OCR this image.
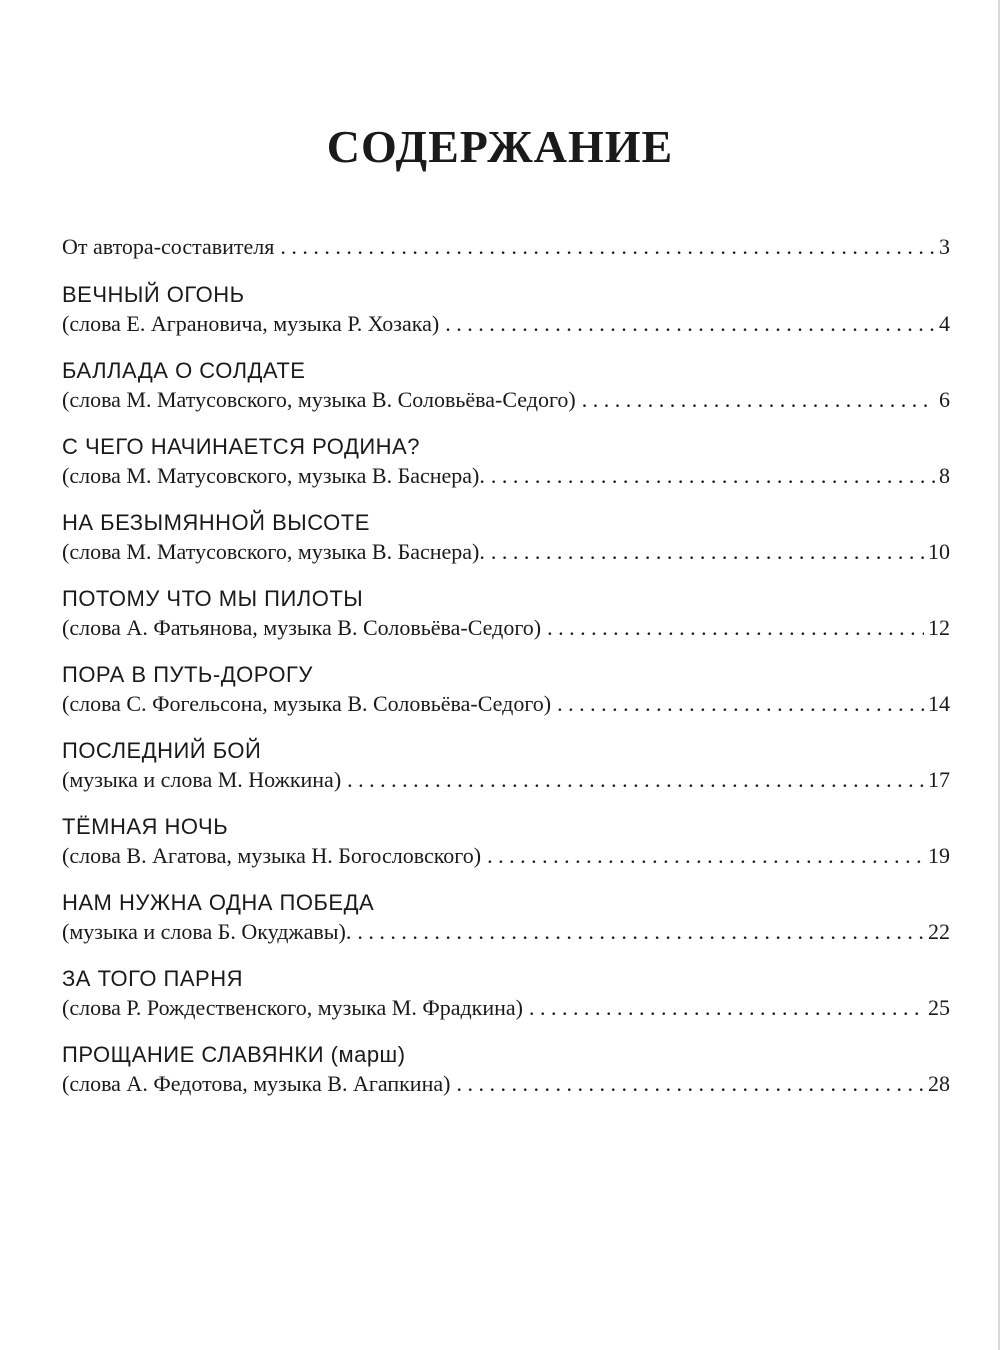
СОДЕРЖАНИЕ
От автора-составителя . . .	3
ВЕЧНЫЙ ОГОНЬ
(слова Е. Аграновича, музыка Р. Хозака) . . .	4
БАЛЛАДА О СОЛДАТЕ
(слова М. Матусовского, музыка В. Соловьёва-Седого) . . .	6
С ЧЕГО НАЧИНАЕТСЯ РОДИНА?
(слова М. Матусовского, музыка В. Баснера). . . .	8
НА БЕЗЫМЯННОЙ ВЫСОТЕ
(слова М. Матусовского, музыка В. Баснера). . . .	10
ПОТОМУ ЧТО МЫ ПИЛОТЫ
(слова А. Фатьянова, музыка В. Соловьёва-Седого) . . .	12
ПОРА В ПУТЬ-ДОРОГУ
(слова С. Фогельсона, музыка В. Соловьёва-Седого) . . .	14
ПОСЛЕДНИЙ БОЙ
(музыка и слова М. Ножкина) . . .	17
ТЁМНАЯ НОЧЬ
(слова В. Агатова, музыка Н. Богословского) . . .	19
НАМ НУЖНА ОДНА ПОБЕДА
(музыка и слова Б. Окуджавы). . . .	22
ЗА ТОГО ПАРНЯ
(слова Р. Рождественского, музыка М. Фрадкина) . . .	25
ПРОЩАНИЕ СЛАВЯНКИ (марш)
(слова А. Федотова, музыка В. Агапкина) . . .	28
